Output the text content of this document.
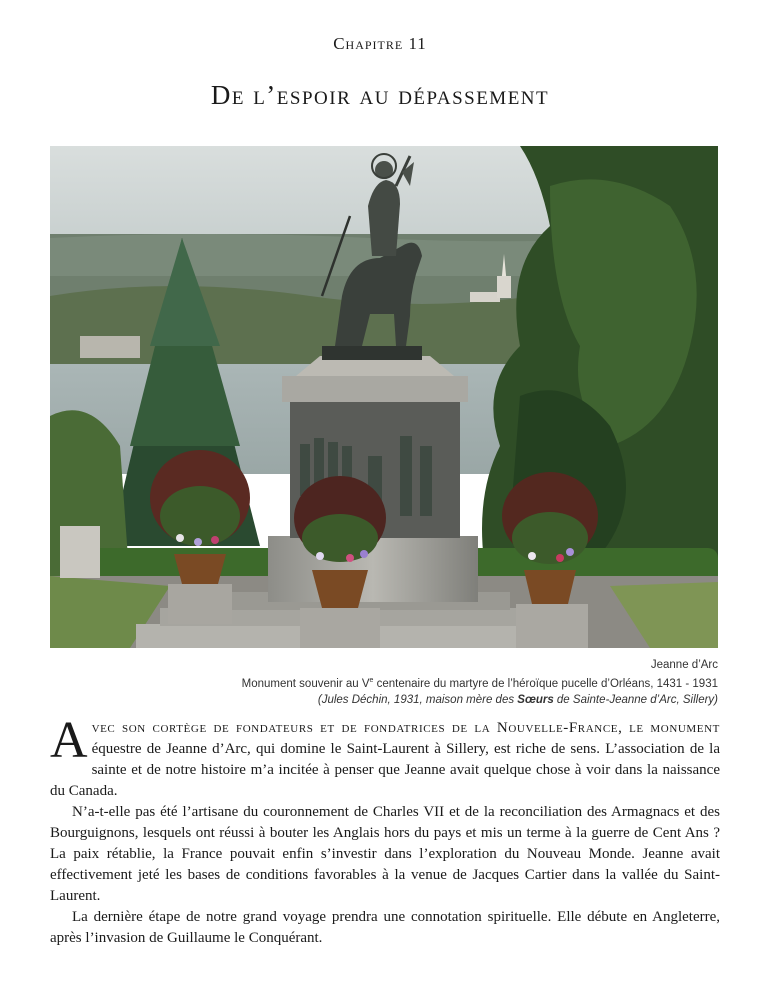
Chapitre 11
De l’espoir au dépassement
Jeanne d’Arc
Monument souvenir au Ve centenaire du martyre de l’héroïque pucelle d’Orléans, 1431 - 1931
(Jules Déchin, 1931, maison mère des Sœurs de Sainte-Jeanne d’Arc, Sillery)

Avec son cortège de fondateurs et de fondatrices de la Nouvelle-France, le monument équestre de Jeanne d’Arc, qui domine le Saint-Laurent à Sillery, est riche de sens. L’association de la sainte et de notre histoire m’a incitée à penser que Jeanne avait quelque chose à voir dans la naissance du Canada.

N’a-t-elle pas été l’artisane du couronnement de Charles VII et de la reconciliation des Armagnacs et des Bourguignons, lesquels ont réussi à bouter les Anglais hors du pays et mis un terme à la guerre de Cent Ans ? La paix rétablie, la France pouvait enfin s’investir dans l’exploration du Nouveau Monde. Jeanne avait effectivement jeté les bases de conditions favorables à la venue de Jacques Cartier dans la vallée du Saint-Laurent.

La dernière étape de notre grand voyage prendra une connotation spirituelle. Elle débute en Angleterre, après l’invasion de Guillaume le Conquérant.
